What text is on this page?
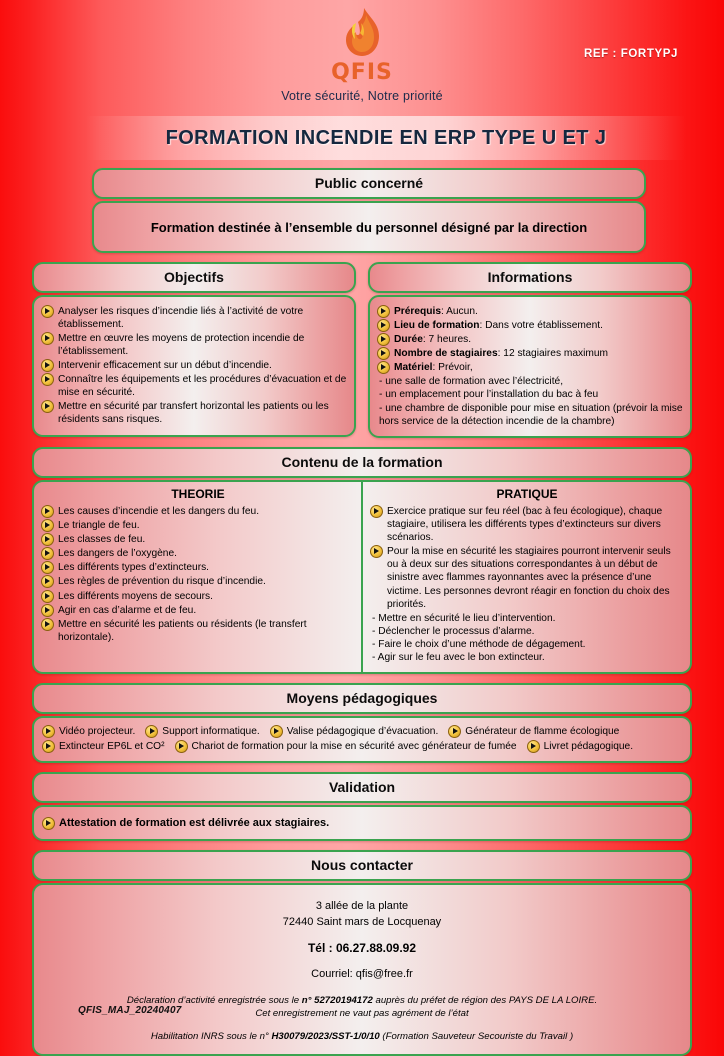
QFIS
Votre sécurité, Notre priorité
REF : FORTYPJ
FORMATION INCENDIE EN ERP TYPE U ET J
Public concerné
Formation destinée à l’ensemble du personnel désigné par la direction
Objectifs
Analyser les risques d’incendie liés à l’activité de votre établissement.
Mettre en œuvre les moyens de protection incendie de l’établissement.
Intervenir efficacement sur un début d’incendie.
Connaître les équipements et les procédures d’évacuation et de mise en sécurité.
Mettre en sécurité par transfert horizontal les patients ou les résidents sans risques.
Informations
Prérequis: Aucun.
Lieu de formation: Dans votre établissement.
Durée: 7 heures.
Nombre de stagiaires: 12 stagiaires maximum
Matériel: Prévoir,
- une salle de formation avec l’électricité,
- un emplacement pour l’installation du bac à feu
- une chambre de disponible pour mise en situation (prévoir la mise hors service de la détection incendie de la chambre)
Contenu de la formation
THEORIE
Les causes d’incendie et les dangers du feu.
Le triangle de feu.
Les classes de feu.
Les dangers de l’oxygène.
Les différents types d’extincteurs.
Les règles de prévention du risque d’incendie.
Les différents moyens de secours.
Agir en cas d’alarme et de feu.
Mettre en sécurité les patients ou résidents (le transfert horizontale).
PRATIQUE
Exercice pratique sur feu réel (bac à feu écologique), chaque stagiaire, utilisera les différents types d’extincteurs sur divers scénarios.
Pour la mise en sécurité les stagiaires pourront intervenir seuls ou à deux sur des situations correspondantes à un début de sinistre avec flammes rayonnantes avec la présence d’une victime. Les personnes devront réagir en fonction du choix des priorités.
- Mettre en sécurité le lieu d’intervention.
- Déclencher le processus d’alarme.
- Faire le choix d’une méthode de dégagement.
- Agir sur le feu avec le bon extincteur.
Moyens pédagogiques
Vidéo projecteur.	Support informatique.	Valise pédagogique d’évacuation.	Générateur de flamme écologique
Extincteur EP6L et CO²	Chariot de formation pour la mise en sécurité avec générateur de fumée	Livret pédagogique.
Validation
Attestation de formation est délivrée aux stagiaires.
Nous contacter
3 allée de la plante
72440 Saint mars de Locquenay
Tél : 06.27.88.09.92
Courriel: qfis@free.fr
Déclaration d’activité enregistrée sous le n° 52720194172 auprès du préfet de région des PAYS DE LA LOIRE.
Cet enregistrement ne vaut pas agrément de l’état
Habilitation INRS sous le n° H30079/2023/SST-1/0/10 (Formation Sauveteur Secouriste du Travail )
QFIS_MAJ_20240407
